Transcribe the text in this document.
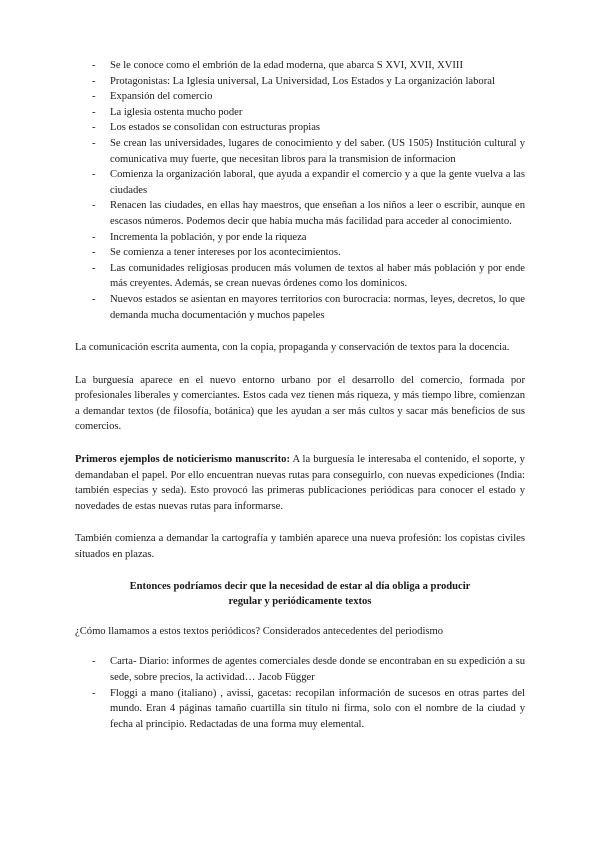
- Se le conoce como el embrión de la edad moderna, que abarca S XVI, XVII, XVIII
- Protagonistas: La Iglesia universal, La Universidad, Los Estados y La organización laboral
- Expansión del comercio
- La iglesia ostenta mucho poder
- Los estados se consolidan con estructuras propias
- Se crean las universidades, lugares de conocimiento y del saber. (US 1505) Institución cultural y comunicativa muy fuerte, que necesitan libros para la transmision de informacion
- Comienza la organización laboral, que ayuda a expandir el comercio y a que la gente vuelva a las ciudades
- Renacen las ciudades, en ellas hay maestros, que enseñan a los niños a leer o escribir, aunque en escasos números. Podemos decir que había mucha más facilidad para acceder al conocimiento.
- Incrementa la población, y por ende la riqueza
- Se comienza a tener intereses por los acontecimientos.
- Las comunidades religiosas producen más volumen de textos al haber más población y por ende más creyentes. Además, se crean nuevas órdenes como los dominicos.
- Nuevos estados se asientan en mayores territorios con burocracia: normas, leyes, decretos, lo que demanda mucha documentación y muchos papeles

La comunicación escrita aumenta, con la copia, propaganda y conservación de textos para la docencia.

La burguesía aparece en el nuevo entorno urbano por el desarrollo del comercio, formada por profesionales liberales y comerciantes. Estos cada vez tienen más riqueza, y más tiempo libre, comienzan a demandar textos (de filosofía, botánica) que les ayudan a ser más cultos y sacar más beneficios de sus comercios.

Primeros ejemplos de noticierismo manuscrito: A la burguesía le interesaba el contenido, el soporte, y demandaban el papel. Por ello encuentran nuevas rutas para conseguirlo, con nuevas expediciones (India: también especias y seda). Esto provocó las primeras publicaciones periódicas para conocer el estado y novedades de estas nuevas rutas para informarse.

También comienza a demandar la cartografía y también aparece una nueva profesión: los copistas civiles situados en plazas.

Entonces podríamos decir que la necesidad de estar al día obliga a producir regular y periódicamente textos

¿Cómo llamamos a estos textos periódicos? Considerados antecedentes del periodismo

- Carta- Diario: informes de agentes comerciales desde donde se encontraban en su expedición a su sede, sobre precios, la actividad… Jacob Függer
- Floggi a mano (italiano) , avissi, gacetas: recopilan información de sucesos en otras partes del mundo. Eran 4 páginas tamaño cuartilla sin título ni firma, solo con el nombre de la ciudad y fecha al principio. Redactadas de una forma muy elemental.
